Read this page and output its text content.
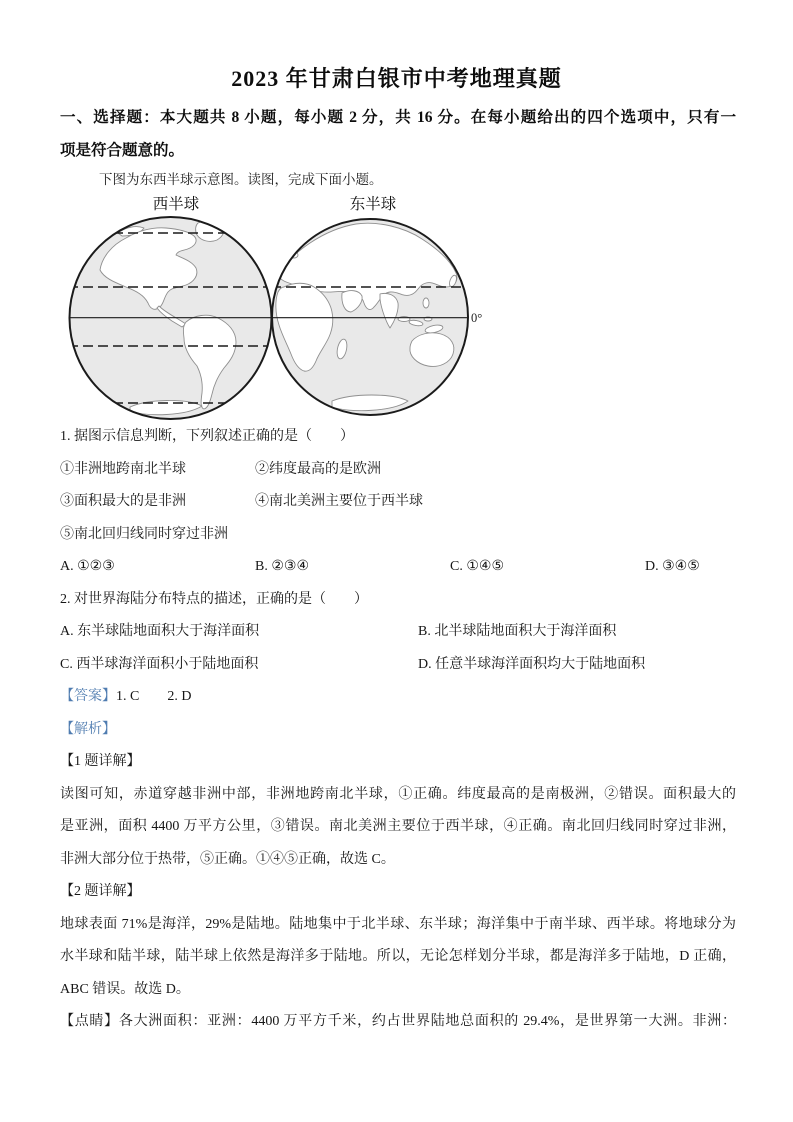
2023 年甘肃白银市中考地理真题
一、选择题：本大题共 8 小题，每小题 2 分，共 16 分。在每小题给出的四个选项中，只有一
项是符合题意的。
下图为东西半球示意图。读图，完成下面小题。
西半球	东半球
0°
1. 据图示信息判断，下列叙述正确的是（　　）
①非洲地跨南北半球	②纬度最高的是欧洲
③面积最大的是非洲	④南北美洲主要位于西半球
⑤南北回归线同时穿过非洲
A. ①②③	B. ②③④	C. ①④⑤	D. ③④⑤
2. 对世界海陆分布特点的描述，正确的是（　　）
A. 东半球陆地面积大于海洋面积	B. 北半球陆地面积大于海洋面积
C. 西半球海洋面积小于陆地面积	D. 任意半球海洋面积均大于陆地面积
【答案】1. C　　2. D
【解析】
【1 题详解】
读图可知，赤道穿越非洲中部，非洲地跨南北半球，①正确。纬度最高的是南极洲，②错误。面积最大的
是亚洲，面积 4400 万平方公里，③错误。南北美洲主要位于西半球，④正确。南北回归线同时穿过非洲，
非洲大部分位于热带，⑤正确。①④⑤正确，故选 C。
【2 题详解】
地球表面 71%是海洋，29%是陆地。陆地集中于北半球、东半球；海洋集中于南半球、西半球。将地球分为
水半球和陆半球，陆半球上依然是海洋多于陆地。所以，无论怎样划分半球，都是海洋多于陆地，D 正确，
ABC 错误。故选 D。
【点睛】各大洲面积：亚洲：4400 万平方千米，约占世界陆地总面积的 29.4%，是世界第一大洲。非洲：
